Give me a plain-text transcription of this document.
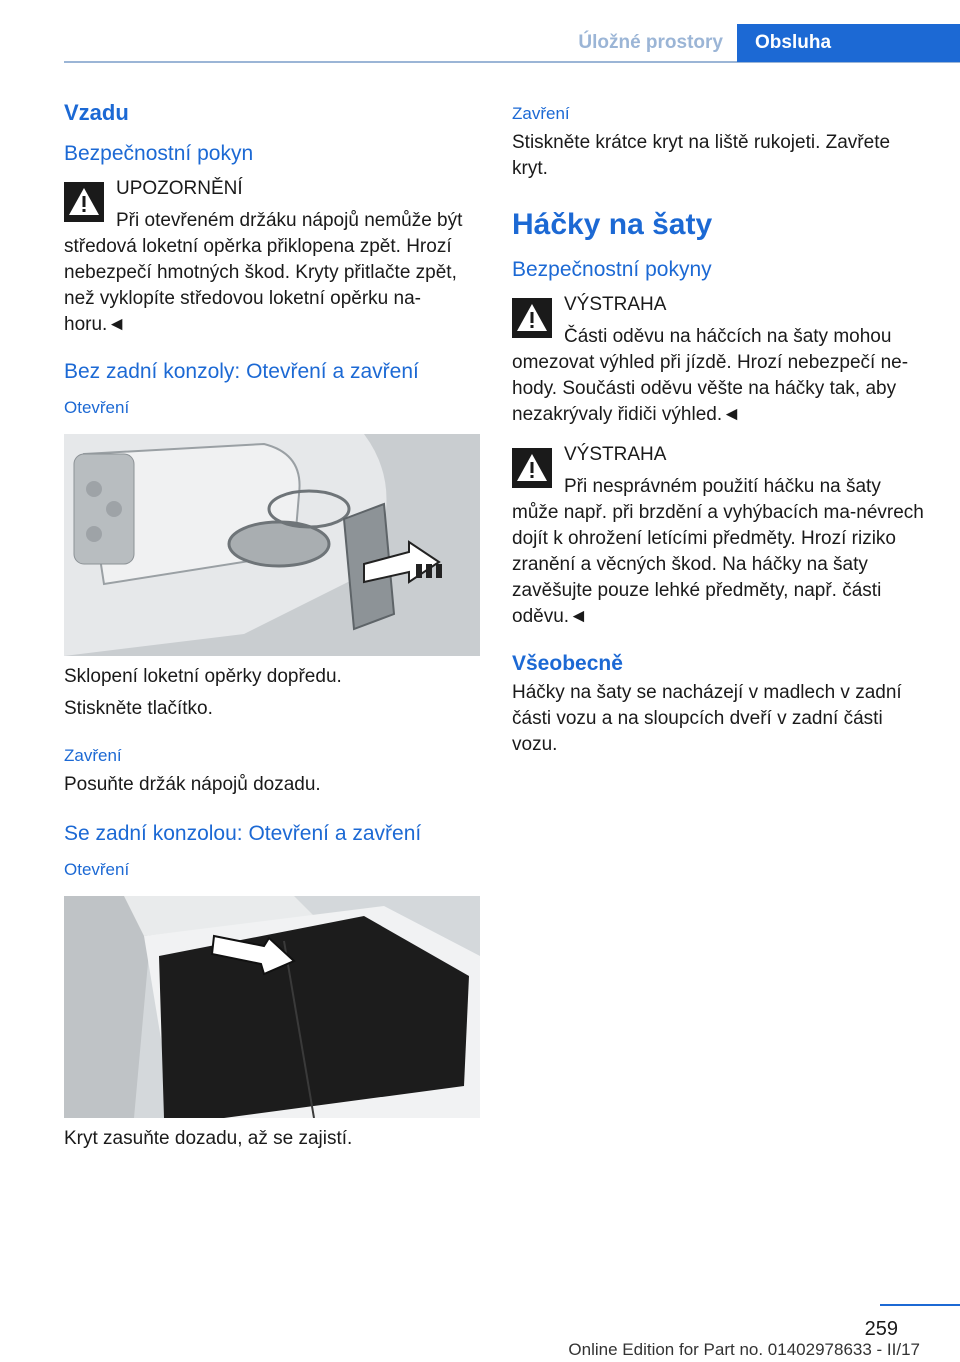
Úložné prostory	Obsluha
Vzadu
Bezpečnostní pokyn
UPOZORNĚNÍ

Při otevřeném držáku nápojů nemůže být středová loketní opěrka přiklopena zpět. Hrozí nebezpečí hmotných škod. Kryty přitlačte zpět, než vyklopíte středovou loketní opěrku na-horu.◄

Bez zadní konzoly: Otevření a zavření
Otevření

Sklopení loketní opěrky dopředu.

Stiskněte tlačítko.

Zavření

Posuňte držák nápojů dozadu.

Se zadní konzolou: Otevření a zavření
Otevření

Kryt zasuňte dozadu, až se zajistí.

Zavření

Stiskněte krátce kryt na liště rukojeti. Zavřete kryt.

Háčky na šaty
Bezpečnostní pokyny
VÝSTRAHA

Části oděvu na háčcích na šaty mohou omezovat výhled při jízdě. Hrozí nebezpečí ne-hody. Součásti oděvu věšte na háčky tak, aby nezakrývaly řidiči výhled.◄

VÝSTRAHA

Při nesprávném použití háčku na šaty může např. při brzdění a vyhýbacích ma-névrech dojít k ohrožení letícími předměty. Hrozí riziko zranění a věcných škod. Na háčky na šaty zavěšujte pouze lehké předměty, např. části oděvu.◄

Všeobecně

Háčky na šaty se nacházejí v madlech v zadní části vozu a na sloupcích dveří v zadní části vozu.

259
Online Edition for Part no. 01402978633 - II/17
